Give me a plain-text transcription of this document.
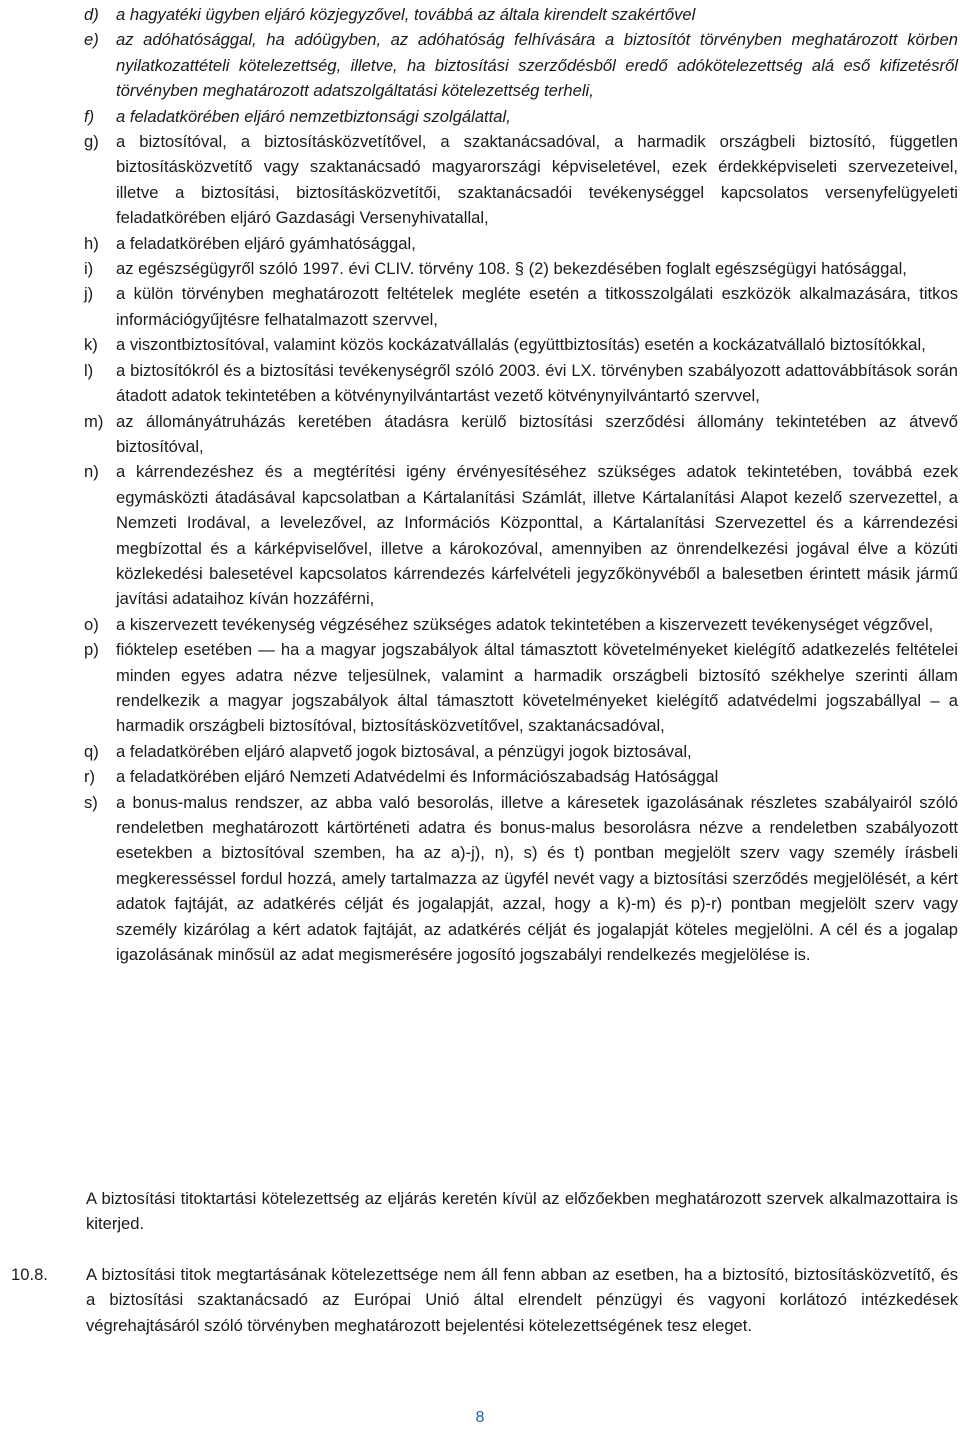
d) a hagyatéki ügyben eljáró közjegyzővel, továbbá az általa kirendelt szakértővel
e) az adóhatósággal, ha adóügyben, az adóhatóság felhívására a biztosítót törvényben meghatározott körben nyilatkozattételi kötelezettség, illetve, ha biztosítási szerződésből eredő adókötelezettség alá eső kifizetésről törvényben meghatározott adatszolgáltatási kötelezettség terheli,
f) a feladatkörében eljáró nemzetbiztonsági szolgálattal,
g) a biztosítóval, a biztosításközvetítővel, a szaktanácsadóval, a harmadik országbeli biztosító, független biztosításközvetítő vagy szaktanácsadó magyarországi képviseletével, ezek érdekképviseleti szervezeteivel, illetve a biztosítási, biztosításközvetítői, szaktanácsadói tevékenységgel kapcsolatos versenyfelügyeleti feladatkörében eljáró Gazdasági Versenyhivatallal,
h) a feladatkörében eljáró gyámhatósággal,
i) az egészségügyről szóló 1997. évi CLIV. törvény 108. § (2) bekezdésében foglalt egészségügyi hatósággal,
j) a külön törvényben meghatározott feltételek megléte esetén a titkosszolgálati eszközök alkalmazására, titkos információgyűjtésre felhatalmazott szervvel,
k) a viszontbiztosítóval, valamint közös kockázatvállalás (együttbiztosítás) esetén a kockázatvállaló biztosítókkal,
l) a biztosítókról és a biztosítási tevékenységről szóló 2003. évi LX. törvényben szabályozott adattovábbítások során átadott adatok tekintetében a kötvénynyilvántartást vezető kötvénynyilvántartó szervvel,
m) az állományátruházás keretében átadásra kerülő biztosítási szerződési állomány tekintetében az átvevő biztosítóval,
n) a kárrendezéshez és a megtérítési igény érvényesítéséhez szükséges adatok tekintetében, továbbá ezek egymásközti átadásával kapcsolatban a Kártalanítási Számlát, illetve Kártalanítási Alapot kezelő szervezettel, a Nemzeti Irodával, a levelezővel, az Információs Központtal, a Kártalanítási Szervezettel és a kárrendezési megbízottal és a kárképviselővel, illetve a károkozóval, amennyiben az önrendelkezési jogával élve a közúti közlekedési balesetével kapcsolatos kárrendezés kárfelvételi jegyzőkönyvéből a balesetben érintett másik jármű javítási adataihoz kíván hozzáférni,
o) a kiszervezett tevékenység végzéséhez szükséges adatok tekintetében a kiszervezett tevékenységet végzővel,
p) fióktelep esetében — ha a magyar jogszabályok által támasztott követelményeket kielégítő adatkezelés feltételei minden egyes adatra nézve teljesülnek, valamint a harmadik országbeli biztosító székhelye szerinti állam rendelkezik a magyar jogszabályok által támasztott követelményeket kielégítő adatvédelmi jogszabállyal – a harmadik országbeli biztosítóval, biztosításközvetítővel, szaktanácsadóval,
q) a feladatkörében eljáró alapvető jogok biztosával, a pénzügyi jogok biztosával,
r) a feladatkörében eljáró Nemzeti Adatvédelmi és Információszabadság Hatósággal
s) a bonus-malus rendszer, az abba való besorolás, illetve a káresetek igazolásának részletes szabályairól szóló rendeletben meghatározott kártörténeti adatra és bonus-malus besorolásra nézve a rendeletben szabályozott esetekben a biztosítóval szemben, ha az a)-j), n), s) és t) pontban megjelölt szerv vagy személy írásbeli megkeresséssel fordul hozzá, amely tartalmazza az ügyfél nevét vagy a biztosítási szerződés megjelölését, a kért adatok fajtáját, az adatkérés célját és jogalapját, azzal, hogy a k)-m) és p)-r) pontban megjelölt szerv vagy személy kizárólag a kért adatok fajtáját, az adatkérés célját és jogalapját köteles megjelölni. A cél és a jogalap igazolásának minősül az adat megismerésére jogosító jogszabályi rendelkezés megjelölése is.

A biztosítási titoktartási kötelezettség az eljárás keretén kívül az előzőekben meghatározott szervek alkalmazottaira is kiterjed.

10.8. A biztosítási titok megtartásának kötelezettsége nem áll fenn abban az esetben, ha a biztosító, biztosításközvetítő, és a biztosítási szaktanácsadó az Európai Unió által elrendelt pénzügyi és vagyoni korlátozó intézkedések végrehajtásáról szóló törvényben meghatározott bejelentési kötelezettségének tesz eleget.

8
